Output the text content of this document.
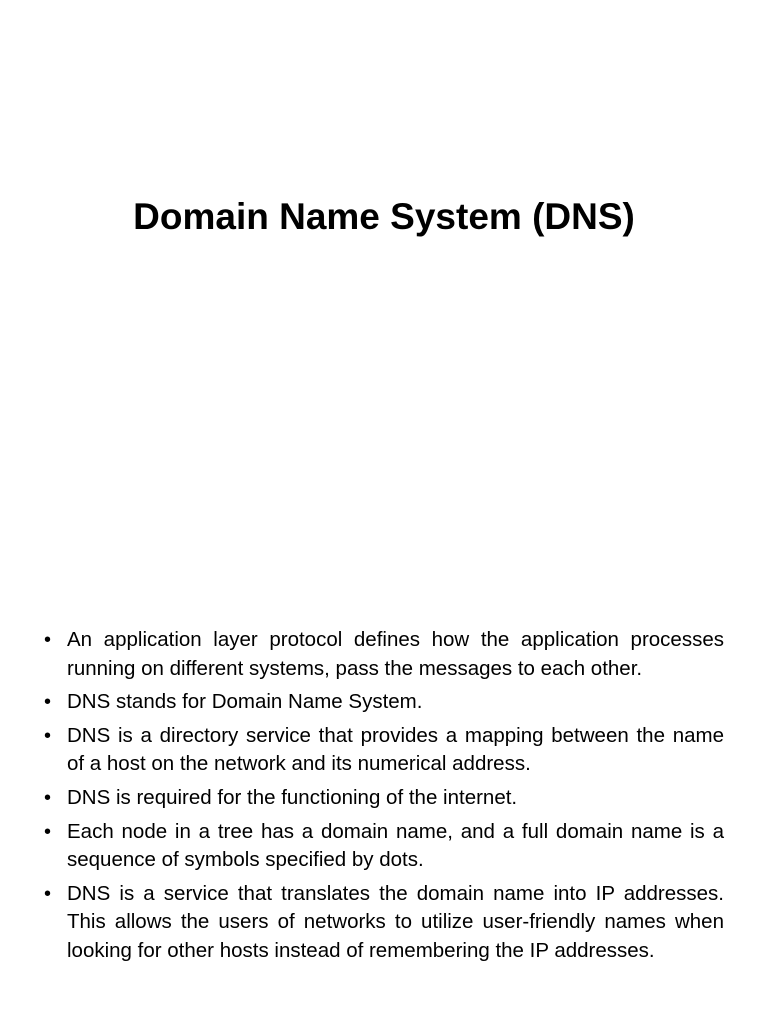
Domain Name System (DNS)
• An application layer protocol defines how the application processes running on different systems, pass the messages to each other.
• DNS stands for Domain Name System.
• DNS is a directory service that provides a mapping between the name of a host on the network and its numerical address.
• DNS is required for the functioning of the internet.
• Each node in a tree has a domain name, and a full domain name is a sequence of symbols specified by dots.
• DNS is a service that translates the domain name into IP addresses. This allows the users of networks to utilize user-friendly names when looking for other hosts instead of remembering the IP addresses.
